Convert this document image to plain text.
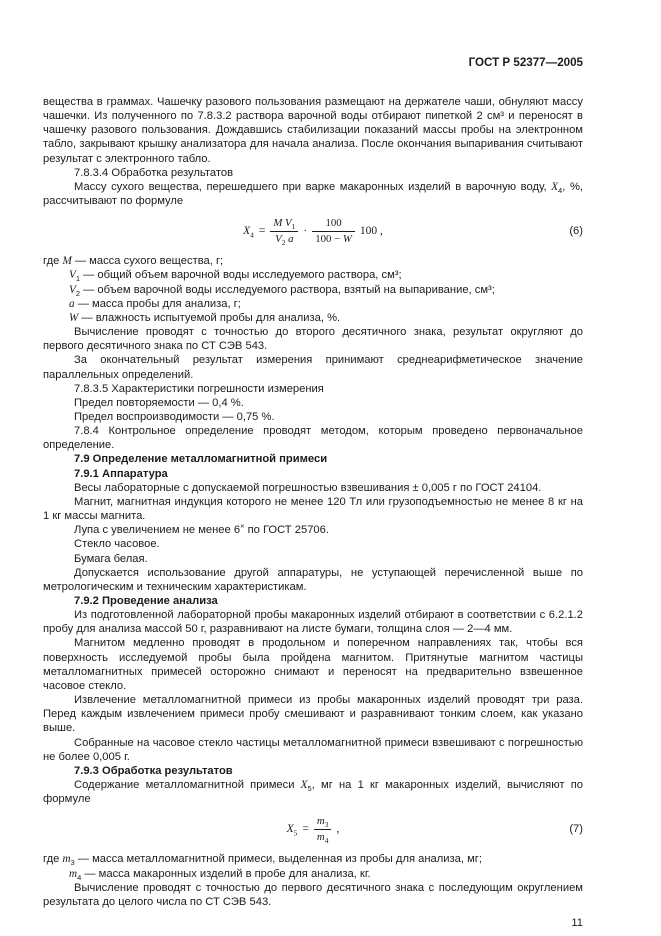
ГОСТ Р 52377—2005

вещества в граммах. Чашечку разового пользования размещают на держателе чаши, обнуляют массу чашечки. Из полученного по 7.8.3.2 раствора варочной воды отбирают пипеткой 2 см³ и переносят в чашечку разового пользования. Дождавшись стабилизации показаний массы пробы на электронном табло, закрывают крышку анализатора для начала анализа. После окончания выпаривания считывают результат с электронного табло.

7.8.3.4 Обработка результатов

Массу сухого вещества, перешедшего при варке макаронных изделий в варочную воду, $X_4$, %, рассчитывают по формуле

$X_4 = \frac{M V_1}{V_2 a} \cdot \frac{100}{100 - W} 100$ ,	(6)
где M — масса сухого вещества, г;
$V_1$ — общий объем варочной воды исследуемого раствора, см³;
$V_2$ — объем варочной воды исследуемого раствора, взятый на выпаривание, см³;
a — масса пробы для анализа, г;
W — влажность испытуемой пробы для анализа, %.

Вычисление проводят с точностью до второго десятичного знака, результат округляют до первого десятичного знака по СТ СЭВ 543.

За окончательный результат измерения принимают среднеарифметическое значение параллельных определений.

7.8.3.5 Характеристики погрешности измерения

Предел повторяемости — 0,4 %.

Предел воспроизводимости — 0,75 %.

7.8.4 Контрольное определение проводят методом, которым проведено первоначальное определение.

7.9 Определение металломагнитной примеси

7.9.1 Аппаратура

Весы лабораторные с допускаемой погрешностью взвешивания ± 0,005 г по ГОСТ 24104.

Магнит, магнитная индукция которого не менее 120 Тл или грузоподъемностью не менее 8 кг на 1 кг массы магнита.

Лупа с увеличением не менее 6× по ГОСТ 25706.

Стекло часовое.

Бумага белая.

Допускается использование другой аппаратуры, не уступающей перечисленной выше по метрологическим и техническим характеристикам.

7.9.2 Проведение анализа

Из подготовленной лабораторной пробы макаронных изделий отбирают в соответствии с 6.2.1.2 пробу для анализа массой 50 г, разравнивают на листе бумаги, толщина слоя — 2—4 мм.

Магнитом медленно проводят в продольном и поперечном направлениях так, чтобы вся поверхность исследуемой пробы была пройдена магнитом. Притянутые магнитом частицы металломагнитных примесей осторожно снимают и переносят на предварительно взвешенное часовое стекло.

Извлечение металломагнитной примеси из пробы макаронных изделий проводят три раза. Перед каждым извлечением примеси пробу смешивают и разравнивают тонким слоем, как указано выше.

Собранные на часовое стекло частицы металломагнитной примеси взвешивают с погрешностью не более 0,005 г.

7.9.3 Обработка результатов

Содержание металломагнитной примеси $X_5$, мг на 1 кг макаронных изделий, вычисляют по формуле

$X_5 = \frac{m_3}{m_4}$ ,	(7)
где $m_3$ — масса металломагнитной примеси, выделенная из пробы для анализа, мг;
$m_4$ — масса макаронных изделий в пробе для анализа, кг.

Вычисление проводят с точностью до первого десятичного знака с последующим округлением результата до целого числа по СТ СЭВ 543.

11
